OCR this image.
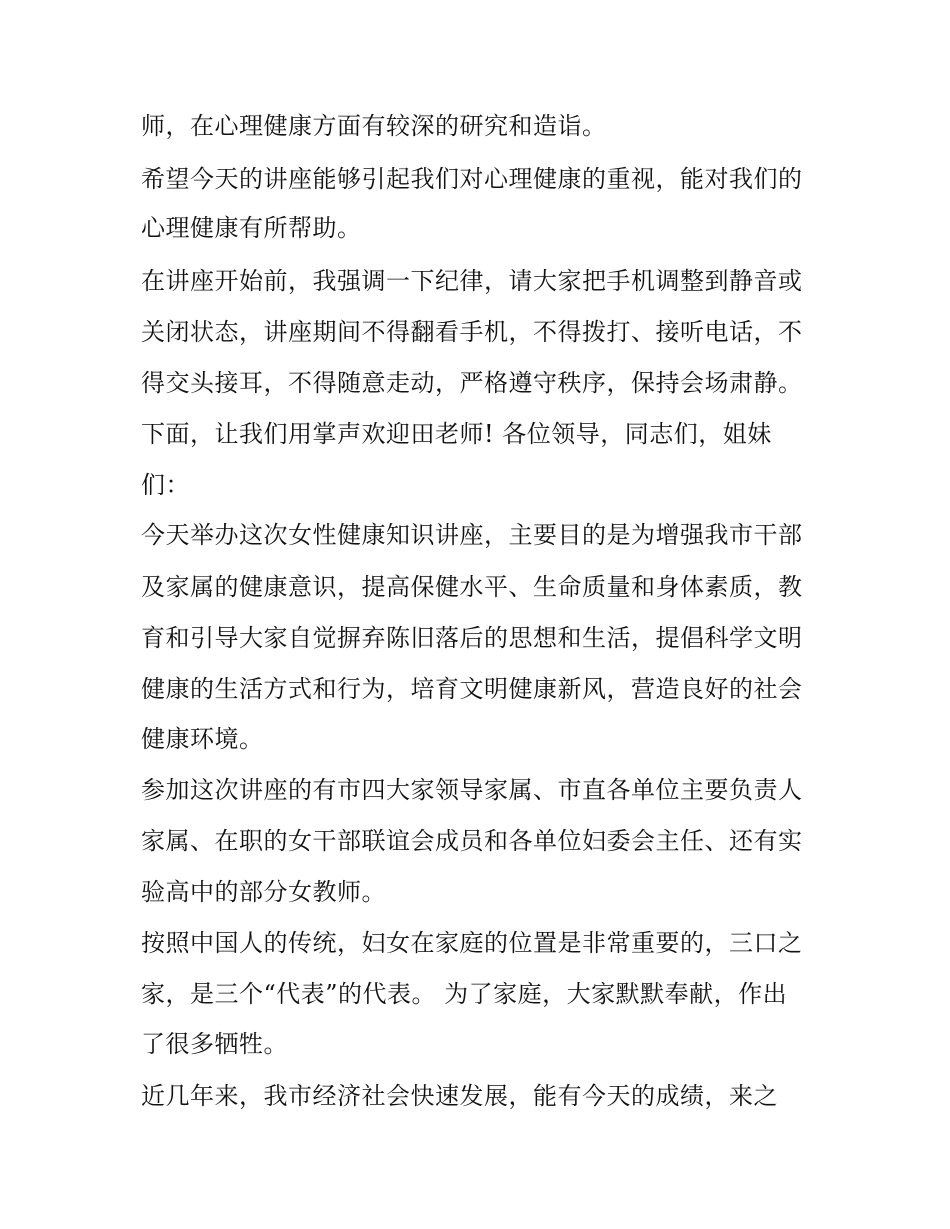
师，在心理健康方面有较深的研究和造诣。
希望今天的讲座能够引起我们对心理健康的重视，能对我们的
心理健康有所帮助。
在讲座开始前，我强调一下纪律，请大家把手机调整到静音或
关闭状态，讲座期间不得翻看手机，不得拨打、接听电话，不
得交头接耳，不得随意走动，严格遵守秩序，保持会场肃静。
下面，让我们用掌声欢迎田老师! 各位领导，同志们，姐妹
们：
今天举办这次女性健康知识讲座，主要目的是为增强我市干部
及家属的健康意识，提高保健水平、生命质量和身体素质，教
育和引导大家自觉摒弃陈旧落后的思想和生活，提倡科学文明
健康的生活方式和行为，培育文明健康新风，营造良好的社会
健康环境。
参加这次讲座的有市四大家领导家属、市直各单位主要负责人
家属、在职的女干部联谊会成员和各单位妇委会主任、还有实
验高中的部分女教师。
按照中国人的传统，妇女在家庭的位置是非常重要的，三口之
家，是三个“代表”的代表。 为了家庭，大家默默奉献，作出
了很多牺牲。
近几年来，我市经济社会快速发展，能有今天的成绩，来之
